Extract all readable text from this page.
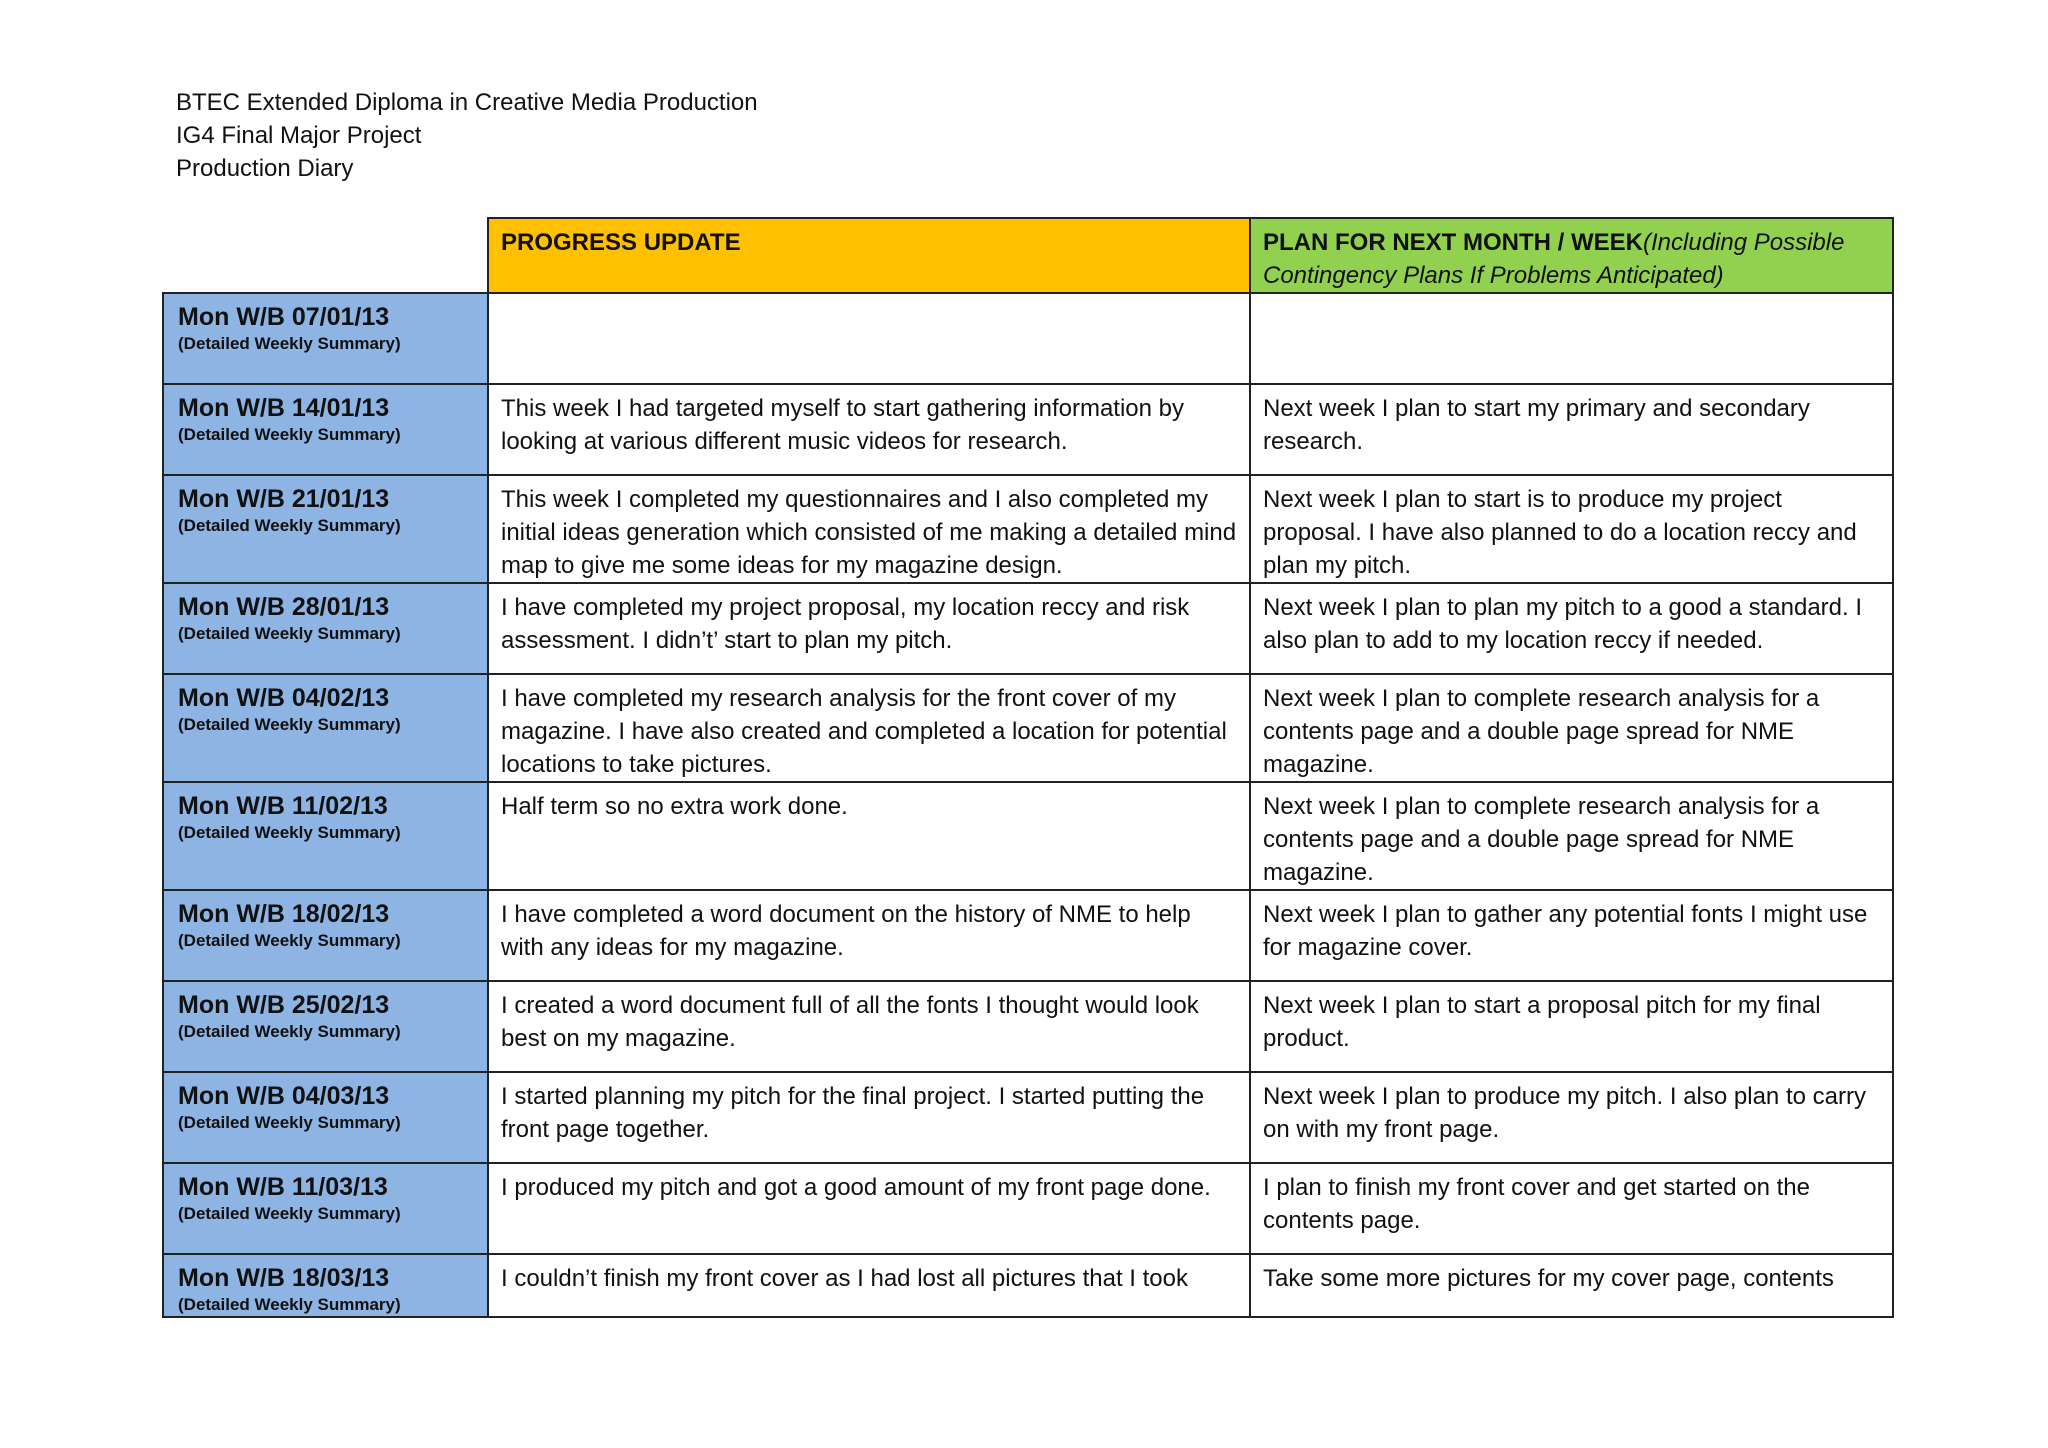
BTEC Extended Diploma in Creative Media Production
IG4 Final Major Project
Production Diary
	PROGRESS UPDATE	PLAN FOR NEXT MONTH / WEEK(Including Possible Contingency Plans If Problems Anticipated)

Mon W/B 07/01/13
(Detailed Weekly Summary)		

Mon W/B 14/01/13
(Detailed Weekly Summary)	This week I had targeted myself to start gathering information by looking at various different music videos for research.	Next week I plan to start my primary and secondary research.

Mon W/B 21/01/13
(Detailed Weekly Summary)	This week I completed my questionnaires and I also completed my initial ideas generation which consisted of me making a detailed mind map to give me some ideas for my magazine design.	Next week I plan to start is to produce my project proposal. I have also planned to do a location reccy and plan my pitch.

Mon W/B 28/01/13
(Detailed Weekly Summary)	I have completed my project proposal, my location reccy and risk assessment. I didn’t’ start to plan my pitch.	Next week I plan to plan my pitch to a good a standard. I also plan to add to my location reccy if needed.

Mon W/B 04/02/13
(Detailed Weekly Summary)	I have completed my research analysis for the front cover of my magazine. I have also created and completed a location for potential locations to take pictures.	Next week I plan to complete research analysis for a contents page and a double page spread for NME magazine.

Mon W/B 11/02/13
(Detailed Weekly Summary)	Half term so no extra work done.	Next week I plan to complete research analysis for a contents page and a double page spread for NME magazine.

Mon W/B 18/02/13
(Detailed Weekly Summary)	I have completed a word document on the history of NME to help with any ideas for my magazine.	Next week I plan to gather any potential fonts I might use for magazine cover.

Mon W/B 25/02/13
(Detailed Weekly Summary)	I created a word document full of all the fonts I thought would look best on my magazine.	Next week I plan to start a proposal pitch for my final product.

Mon W/B 04/03/13
(Detailed Weekly Summary)	I started planning my pitch for the final project. I started putting the front page together.	Next week I plan to produce my pitch. I also plan to carry on with my front page.

Mon W/B 11/03/13
(Detailed Weekly Summary)	I produced my pitch and got a good amount of my front page done.	I plan to finish my front cover and get started on the contents page.

Mon W/B 18/03/13
(Detailed Weekly Summary)	I couldn’t finish my front cover as I had lost all pictures that I took	Take some more pictures for my cover page, contents
